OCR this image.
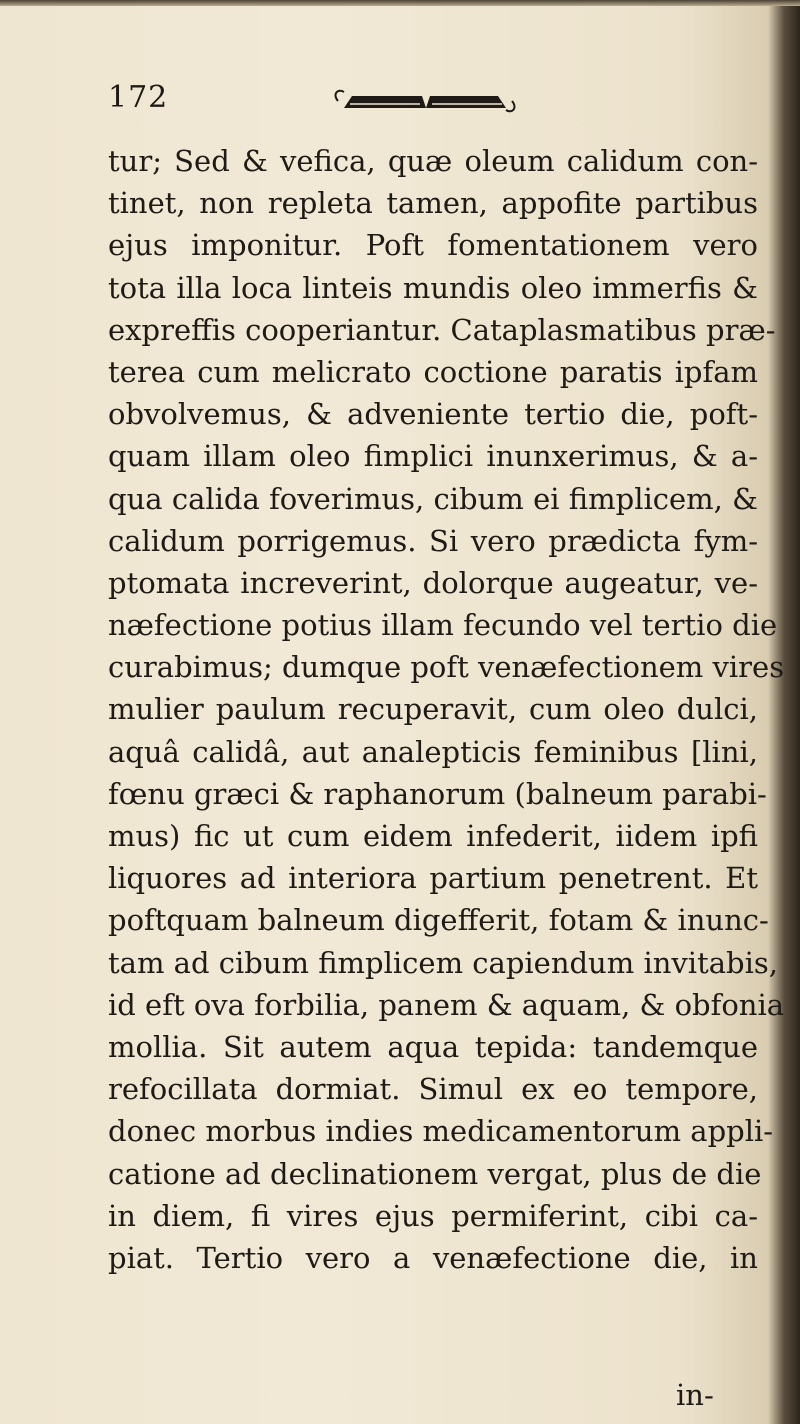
172
tur; Sed & vefica, quæ oleum calidum con-
tinet, non repleta tamen, appofite partibus
ejus imponitur. Poft fomentationem vero
tota illa loca linteis mundis oleo immerfis &
expreffis cooperiantur. Cataplasmatibus præ-
terea cum melicrato coctione paratis ipfam
obvolvemus, & adveniente tertio die, poft-
quam illam oleo fimplici inunxerimus, & a-
qua calida foverimus, cibum ei fimplicem, &
calidum porrigemus. Si vero prædicta fym-
ptomata increverint, dolorque augeatur, ve-
næfectione potius illam fecundo vel tertio die
curabimus; dumque poft venæfectionem vires
mulier paulum recuperavit, cum oleo dulci,
aquâ calidâ, aut analepticis feminibus [lini,
fœnu græci & raphanorum (balneum parabi-
mus) fic ut cum eidem infederit, iidem ipfi
liquores ad interiora partium penetrent. Et
poftquam balneum digefferit, fotam & inunc-
tam ad cibum fimplicem capiendum invitabis,
id eft ova forbilia, panem & aquam, & obfonia
mollia. Sit autem aqua tepida: tandemque
refocillata dormiat. Simul ex eo tempore,
donec morbus indies medicamentorum appli-
catione ad declinationem vergat, plus de die
in diem, fi vires ejus permiferint, cibi ca-
piat. Tertio vero a venæfectione die, in
in-
